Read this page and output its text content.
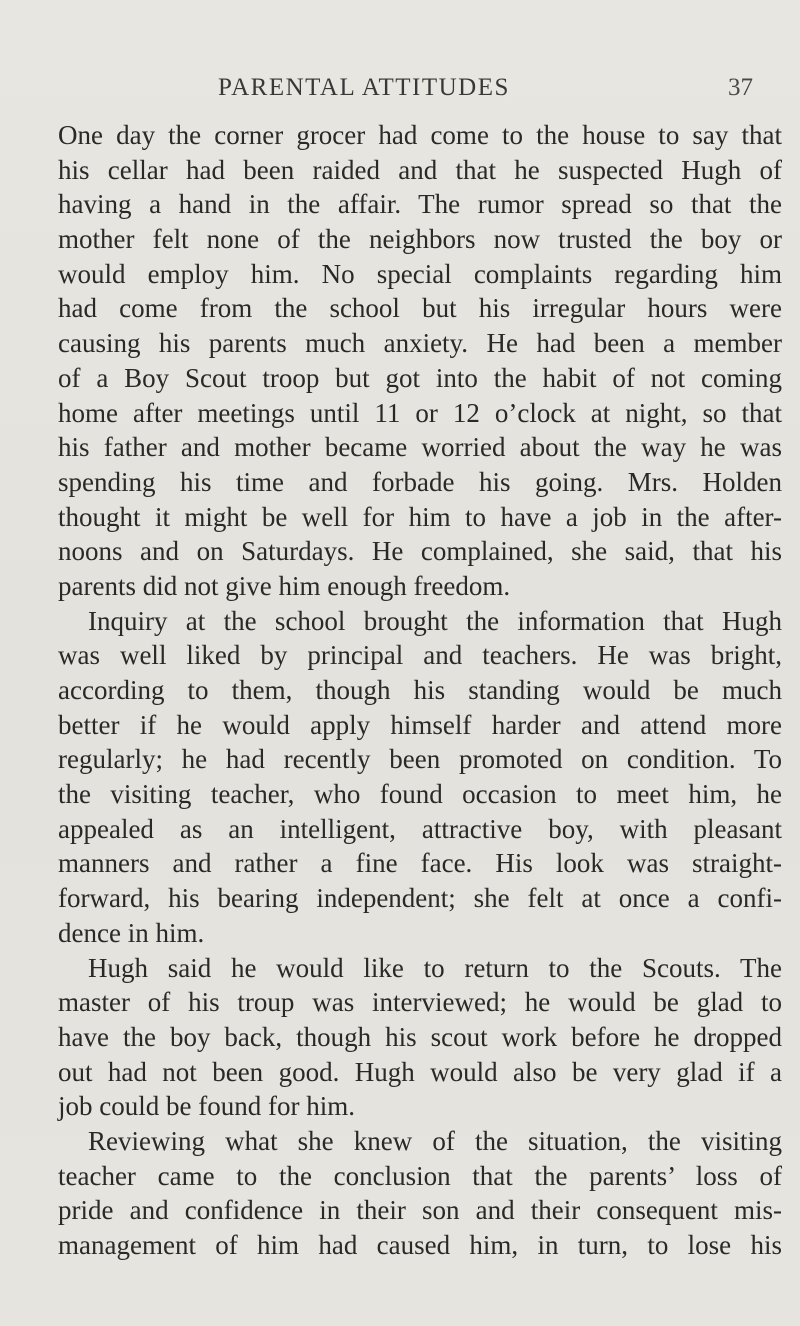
PARENTAL ATTITUDES	37
One day the corner grocer had come to the house to say that
his cellar had been raided and that he suspected Hugh of
having a hand in the affair. The rumor spread so that the
mother felt none of the neighbors now trusted the boy or
would employ him. No special complaints regarding him
had come from the school but his irregular hours were
causing his parents much anxiety. He had been a member
of a Boy Scout troop but got into the habit of not coming
home after meetings until 11 or 12 o’clock at night, so that
his father and mother became worried about the way he was
spending his time and forbade his going. Mrs. Holden
thought it might be well for him to have a job in the after-
noons and on Saturdays. He complained, she said, that his
parents did not give him enough freedom.
Inquiry at the school brought the information that Hugh
was well liked by principal and teachers. He was bright,
according to them, though his standing would be much
better if he would apply himself harder and attend more
regularly; he had recently been promoted on condition. To
the visiting teacher, who found occasion to meet him, he
appealed as an intelligent, attractive boy, with pleasant
manners and rather a fine face. His look was straight-
forward, his bearing independent; she felt at once a confi-
dence in him.
Hugh said he would like to return to the Scouts. The
master of his troup was interviewed; he would be glad to
have the boy back, though his scout work before he dropped
out had not been good. Hugh would also be very glad if a
job could be found for him.
Reviewing what she knew of the situation, the visiting
teacher came to the conclusion that the parents’ loss of
pride and confidence in their son and their consequent mis-
management of him had caused him, in turn, to lose his
